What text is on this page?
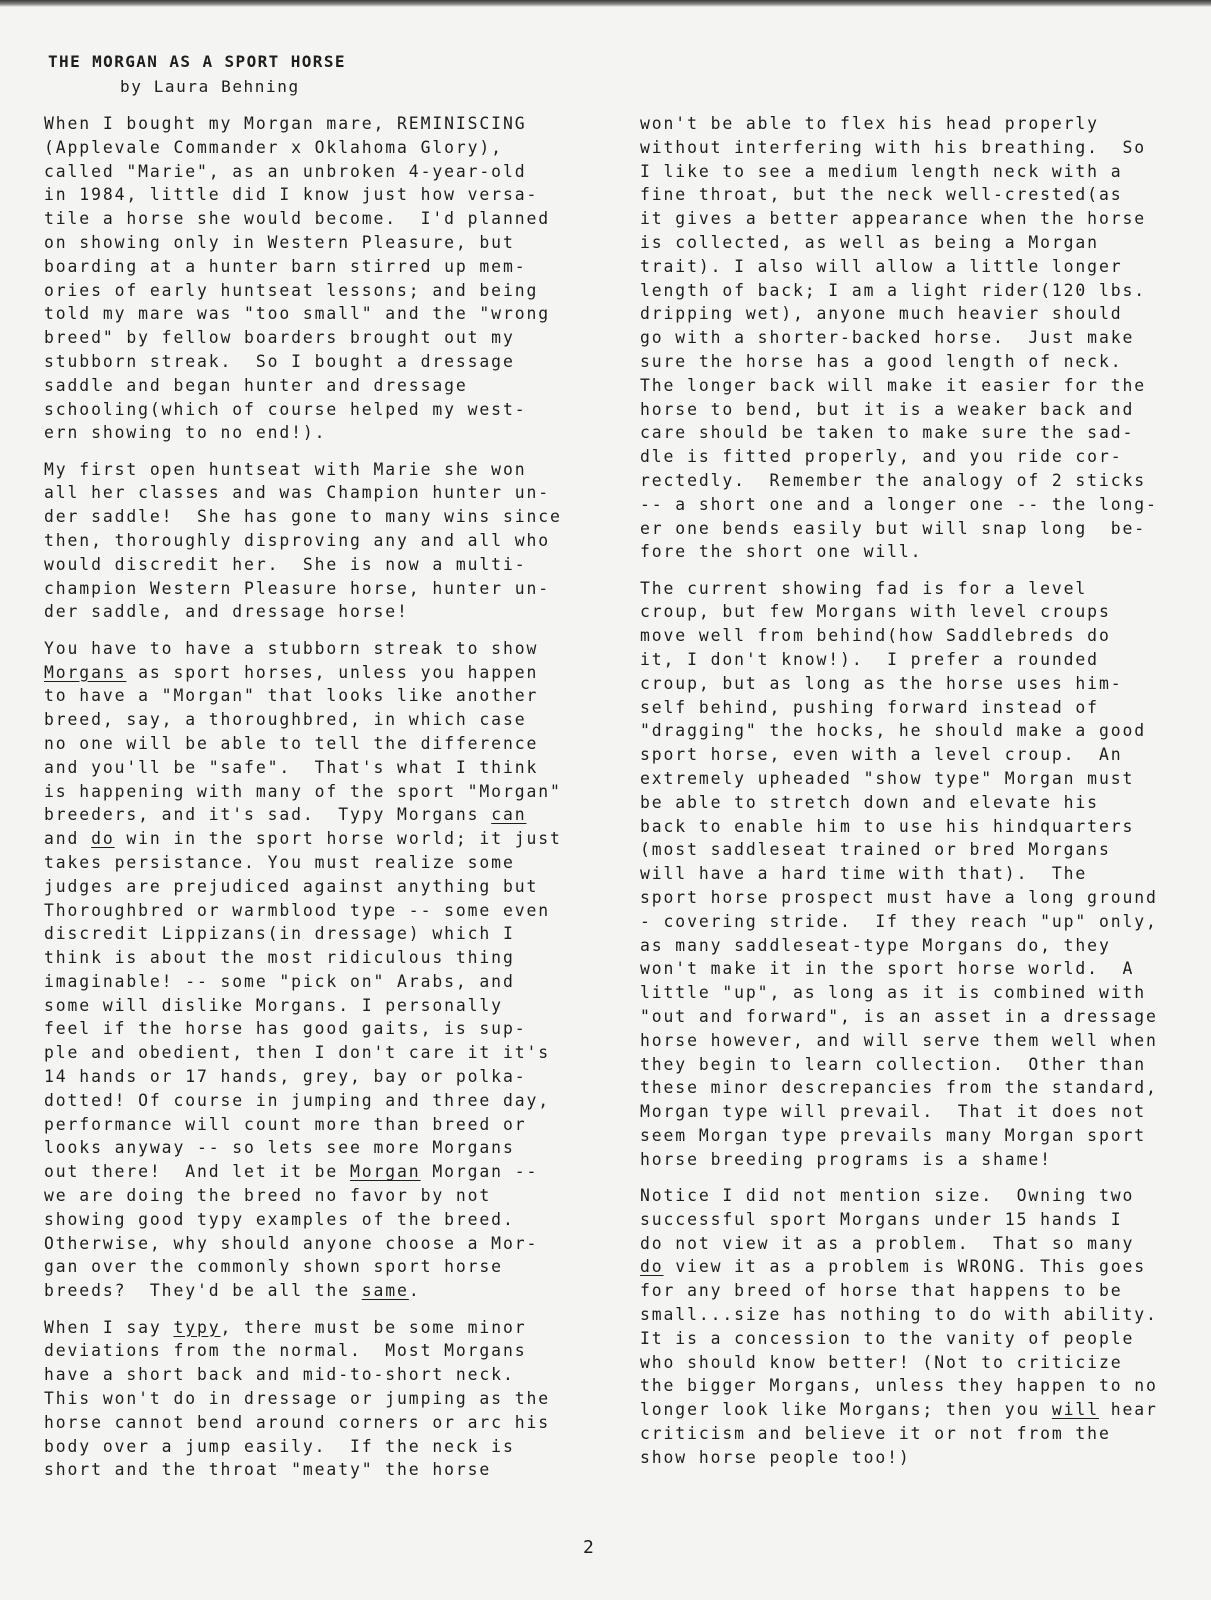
THE MORGAN AS A SPORT HORSE
by Laura Behning
When I bought my Morgan mare, REMINISCING
(Applevale Commander x Oklahoma Glory),
called "Marie", as an unbroken 4-year-old
in 1984, little did I know just how versa-
tile a horse she would become.  I'd planned
on showing only in Western Pleasure, but
boarding at a hunter barn stirred up mem-
ories of early huntseat lessons; and being
told my mare was "too small" and the "wrong
breed" by fellow boarders brought out my
stubborn streak.  So I bought a dressage
saddle and began hunter and dressage
schooling(which of course helped my west-
ern showing to no end!).
My first open huntseat with Marie she won
all her classes and was Champion hunter un-
der saddle!  She has gone to many wins since
then, thoroughly disproving any and all who
would discredit her.  She is now a multi-
champion Western Pleasure horse, hunter un-
der saddle, and dressage horse!
You have to have a stubborn streak to show
Morgans as sport horses, unless you happen
to have a "Morgan" that looks like another
breed, say, a thoroughbred, in which case
no one will be able to tell the difference
and you'll be "safe".  That's what I think
is happening with many of the sport "Morgan"
breeders, and it's sad.  Typy Morgans can
and do win in the sport horse world; it just
takes persistance. You must realize some
judges are prejudiced against anything but
Thoroughbred or warmblood type -- some even
discredit Lippizans(in dressage) which I
think is about the most ridiculous thing
imaginable! -- some "pick on" Arabs, and
some will dislike Morgans. I personally
feel if the horse has good gaits, is sup-
ple and obedient, then I don't care it it's
14 hands or 17 hands, grey, bay or polka-
dotted! Of course in jumping and three day,
performance will count more than breed or
looks anyway -- so lets see more Morgans
out there!  And let it be Morgan Morgan --
we are doing the breed no favor by not
showing good typy examples of the breed.
Otherwise, why should anyone choose a Mor-
gan over the commonly shown sport horse
breeds?  They'd be all the same.
When I say typy, there must be some minor
deviations from the normal.  Most Morgans
have a short back and mid-to-short neck.
This won't do in dressage or jumping as the
horse cannot bend around corners or arc his
body over a jump easily.  If the neck is
short and the throat "meaty" the horse
won't be able to flex his head properly
without interfering with his breathing.  So
I like to see a medium length neck with a
fine throat, but the neck well-crested(as
it gives a better appearance when the horse
is collected, as well as being a Morgan
trait). I also will allow a little longer
length of back; I am a light rider(120 lbs.
dripping wet), anyone much heavier should
go with a shorter-backed horse.  Just make
sure the horse has a good length of neck.
The longer back will make it easier for the
horse to bend, but it is a weaker back and
care should be taken to make sure the sad-
dle is fitted properly, and you ride cor-
rectedly.  Remember the analogy of 2 sticks
-- a short one and a longer one -- the long-
er one bends easily but will snap long  be-
fore the short one will.
The current showing fad is for a level
croup, but few Morgans with level croups
move well from behind(how Saddlebreds do
it, I don't know!).  I prefer a rounded
croup, but as long as the horse uses him-
self behind, pushing forward instead of
"dragging" the hocks, he should make a good
sport horse, even with a level croup.  An
extremely upheaded "show type" Morgan must
be able to stretch down and elevate his
back to enable him to use his hindquarters
(most saddleseat trained or bred Morgans
will have a hard time with that).  The
sport horse prospect must have a long ground
- covering stride.  If they reach "up" only,
as many saddleseat-type Morgans do, they
won't make it in the sport horse world.  A
little "up", as long as it is combined with
"out and forward", is an asset in a dressage
horse however, and will serve them well when
they begin to learn collection.  Other than
these minor descrepancies from the standard,
Morgan type will prevail.  That it does not
seem Morgan type prevails many Morgan sport
horse breeding programs is a shame!
Notice I did not mention size.  Owning two
successful sport Morgans under 15 hands I
do not view it as a problem.  That so many
do view it as a problem is WRONG. This goes
for any breed of horse that happens to be
small...size has nothing to do with ability.
It is a concession to the vanity of people
who should know better! (Not to criticize
the bigger Morgans, unless they happen to no
longer look like Morgans; then you will hear
criticism and believe it or not from the
show horse people too!)
2
